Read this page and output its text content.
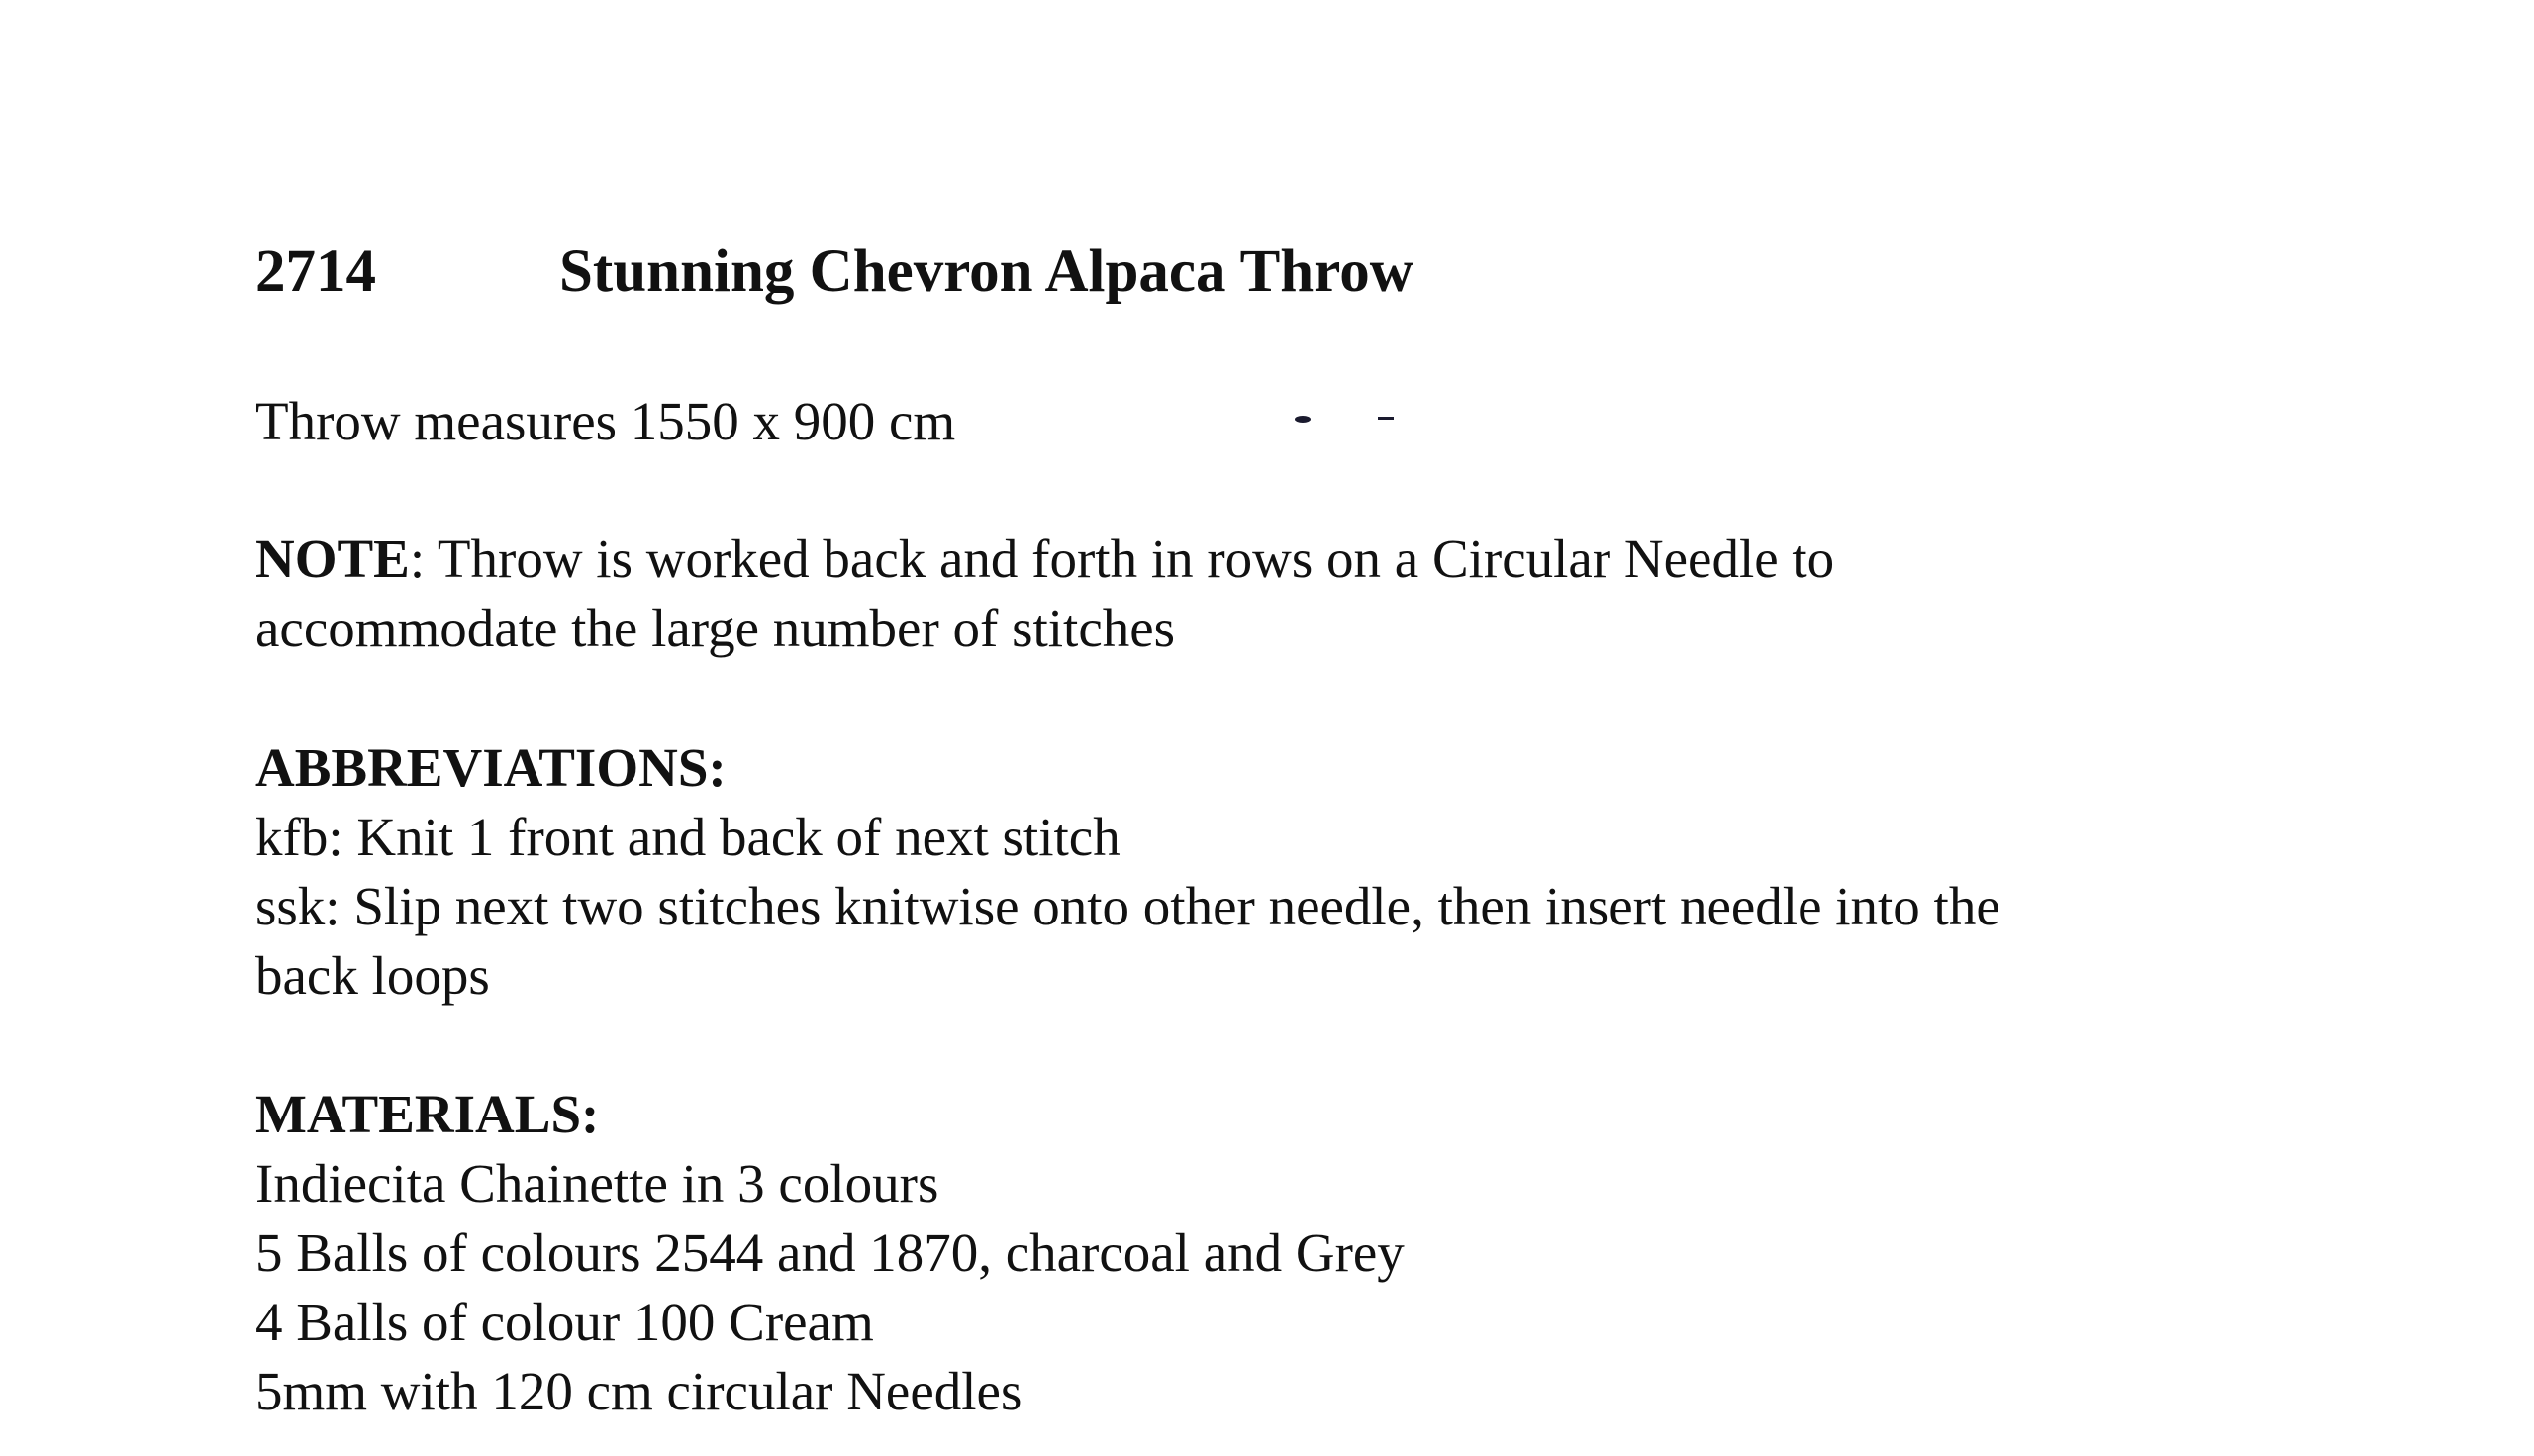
2714	Stunning Chevron Alpaca Throw
Throw measures 1550 x 900 cm
NOTE: Throw is worked back and forth in rows on a Circular Needle to
accommodate the large number of stitches
ABBREVIATIONS:
kfb: Knit 1 front and back of next stitch
ssk: Slip next two stitches knitwise onto other needle, then insert needle into the
back loops
MATERIALS:
Indiecita Chainette in 3 colours
5 Balls of colours 2544 and 1870, charcoal and Grey
4 Balls of colour 100 Cream
5mm with 120 cm circular Needles
